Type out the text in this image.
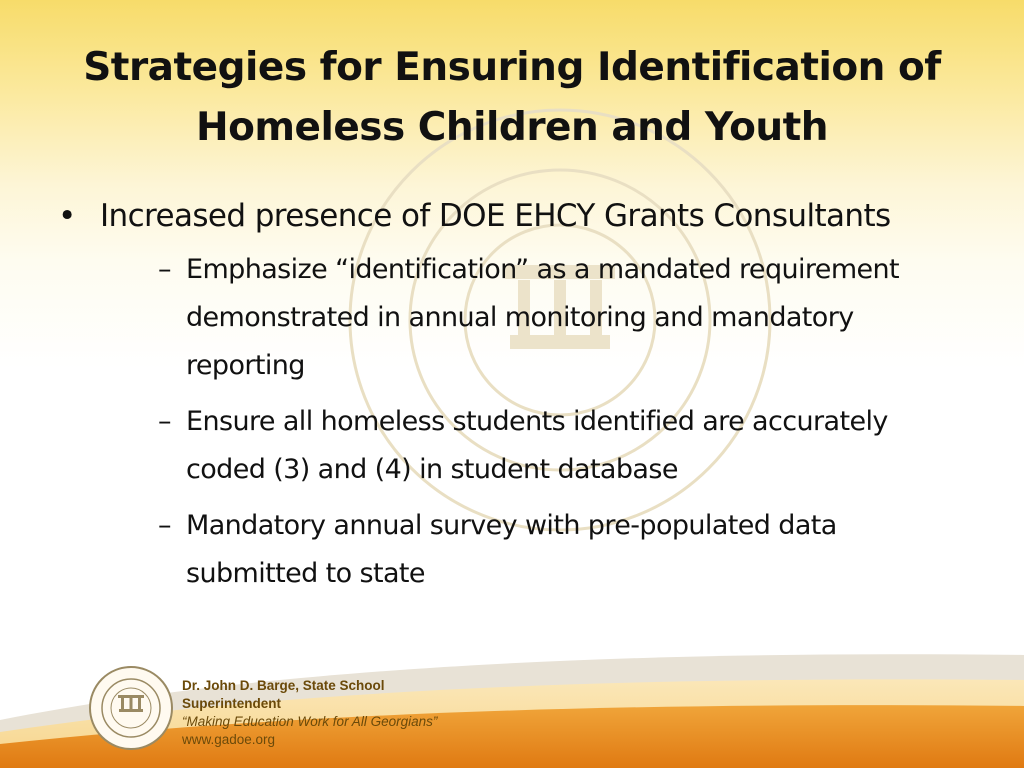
Strategies for Ensuring Identification of Homeless Children and Youth
• Increased presence of DOE EHCY Grants Consultants
– Emphasize “identification” as a mandated requirement demonstrated in annual monitoring and mandatory reporting
– Ensure all homeless students identified are accurately coded (3) and (4) in student database
– Mandatory annual survey with pre-populated data submitted to state
Dr. John D. Barge, State School
Superintendent
“Making Education Work for All Georgians”
www.gadoe.org
